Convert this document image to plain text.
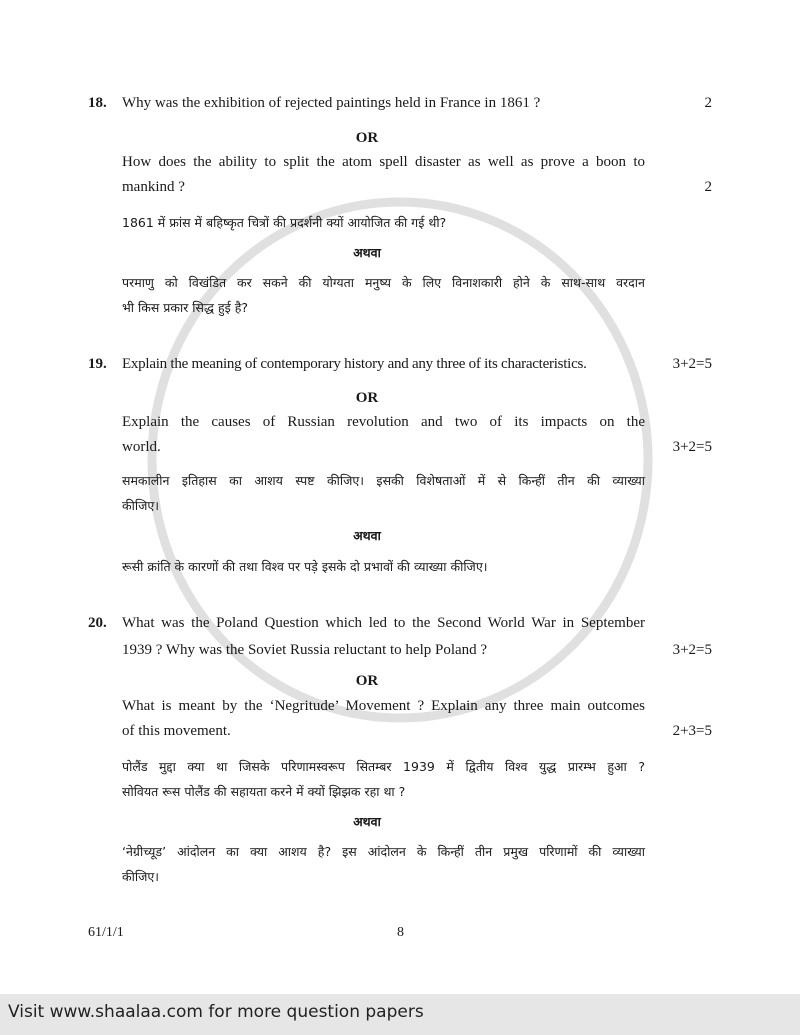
18. Why was the exhibition of rejected paintings held in France in 1861 ?	2
OR
How does the ability to split the atom spell disaster as well as prove a boon to
mankind ?	2
1861 में फ्रांस में बहिष्कृत चित्रों की प्रदर्शनी क्यों आयोजित की गई थी?
अथवा
परमाणु को विखंडित कर सकने की योग्यता मनुष्य के लिए विनाशकारी होने के साथ-साथ वरदान
भी किस प्रकार सिद्ध हुई है?
19. Explain the meaning of contemporary history and any three of its characteristics.	3+2=5
OR
Explain the causes of Russian revolution and two of its impacts on the
world.	3+2=5
समकालीन इतिहास का आशय स्पष्ट कीजिए। इसकी विशेषताओं में से किन्हीं तीन की व्याख्या
कीजिए।
अथवा
रूसी क्रांति के कारणों की तथा विश्व पर पड़े इसके दो प्रभावों की व्याख्या कीजिए।
20. What was the Poland Question which led to the Second World War in September
1939 ? Why was the Soviet Russia reluctant to help Poland ?	3+2=5
OR
What is meant by the ‘Negritude’ Movement ? Explain any three main outcomes
of this movement.	2+3=5
पोलैंड मुद्दा क्या था जिसके परिणामस्वरूप सितम्बर 1939 में द्वितीय विश्व युद्ध प्रारम्भ हुआ ?
सोवियत रूस पोलैंड की सहायता करने में क्यों झिझक रहा था ?
अथवा
‘नेग्रीच्यूड’ आंदोलन का क्या आशय है? इस आंदोलन के किन्हीं तीन प्रमुख परिणामों की व्याख्या
कीजिए।
61/1/1	8
Visit www.shaalaa.com for more question papers
